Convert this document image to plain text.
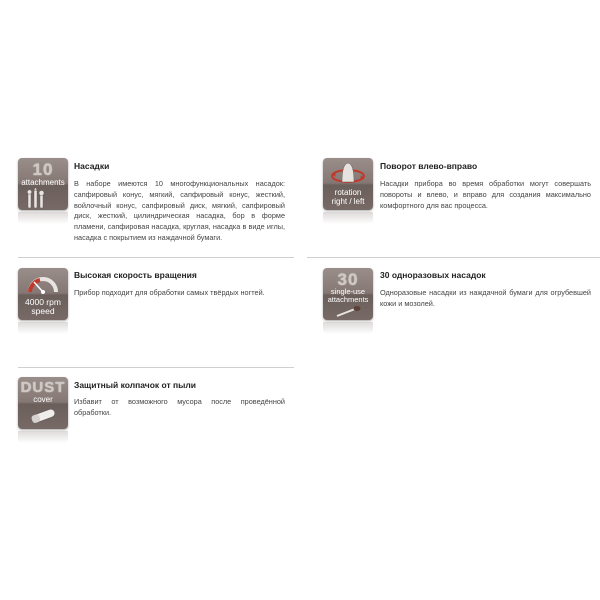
10
attachments
Насадки

В наборе имеются 10 многофункциональных насадок: сапфировый конус, мягкий, сапфировый конус, жесткий, войлочный конус, сапфировый диск, мягкий, сапфировый диск, жесткий, цилиндрическая насадка, бор в форме пламени, сапфировая насадка, круглая, насадка в виде иглы, насадка с покрытием из наждачной бумаги.

rotation
right / left
Поворот влево-вправо

Насадки прибора во время обработки могут совершать повороты и влево, и вправо для создания максимально комфортного для вас процесса.

4000 rpm
speed
Высокая скорость вращения

Прибор подходит для обработки самых твёрдых ногтей.

30
single-use
attachments
30 одноразовых насадок

Одноразовые насадки из наждачной бумаги для огрубевшей кожи и мозолей.

DUST
cover
Защитный колпачок от пыли

Избавит от возможного мусора после проведённой обработки.
